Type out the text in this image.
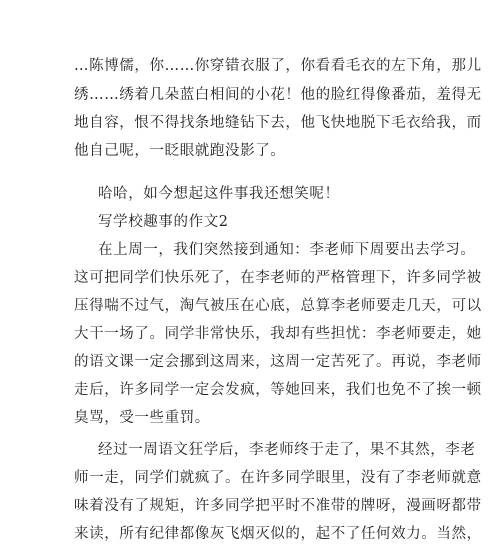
…陈博儒，你……你穿错衣服了，你看看毛衣的左下角，那儿
绣……绣着几朵蓝白相间的小花！他的脸红得像番茄，羞得无
地自容，恨不得找条地缝钻下去，他飞快地脱下毛衣给我，而
他自己呢，一眨眼就跑没影了。
哈哈，如今想起这件事我还想笑呢！
写学校趣事的作文2
在上周一，我们突然接到通知：李老师下周要出去学习。
这可把同学们快乐死了，在李老师的严格管理下，许多同学被
压得喘不过气，淘气被压在心底，总算李老师要走几天，可以
大干一场了。同学非常快乐，我却有些担忧：李老师要走，她
的语文课一定会挪到这周来，这周一定苦死了。再说，李老师
走后，许多同学一定会发疯，等她回来，我们也免不了挨一顿
臭骂，受一些重罚。
经过一周语文狂学后，李老师终于走了，果不其然，李老
师一走，同学们就疯了。在许多同学眼里，没有了李老师就意
味着没有了规矩，许多同学把平时不准带的牌呀，漫画呀都带
来读，所有纪律都像灰飞烟灭似的，起不了任何效力。当然，
